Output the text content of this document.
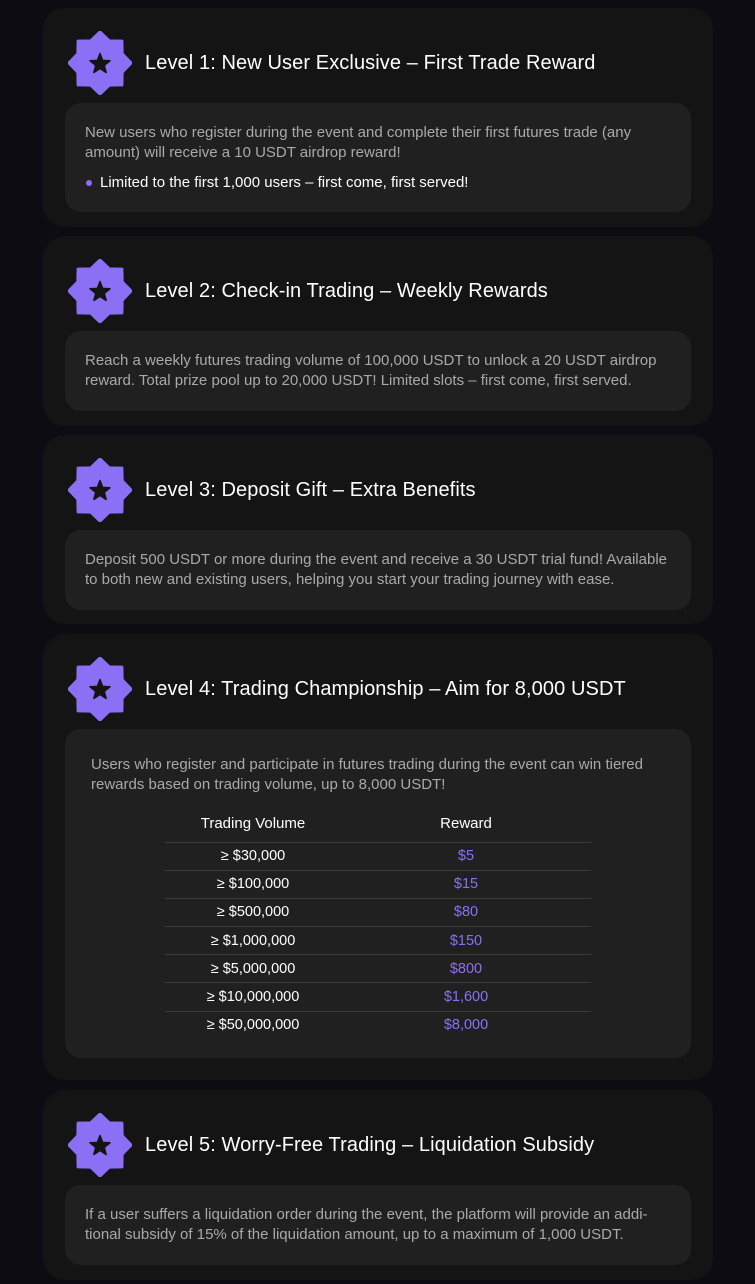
Level 1: New User Exclusive – First Trade Reward

New users who register during the event and complete their first futures trade (any amount) will receive a 10 USDT airdrop reward!

Limited to the first 1,000 users – first come, first served!
Level 2: Check-in Trading – Weekly Rewards

Reach a weekly futures trading volume of 100,000 USDT to unlock a 20 USDT airdrop reward. Total prize pool up to 20,000 USDT! Limited slots – first come, first served.

Level 3: Deposit Gift – Extra Benefits

Deposit 500 USDT or more during the event and receive a 30 USDT trial fund! Available to both new and existing users, helping you start your trading journey with ease.

Level 4: Trading Championship – Aim for 8,000 USDT

Users who register and participate in futures trading during the event can win tiered rewards based on trading volume, up to 8,000 USDT!

Trading Volume	Reward
≥ $30,000	$5
≥ $100,000	$15
≥ $500,000	$80
≥ $1,000,000	$150
≥ $5,000,000	$800
≥ $10,000,000	$1,600
≥ $50,000,000	$8,000
Level 5: Worry-Free Trading – Liquidation Subsidy

If a user suffers a liquidation order during the event, the platform will provide an additional subsidy of 15% of the liquidation amount, up to a maximum of 1,000 USDT.
